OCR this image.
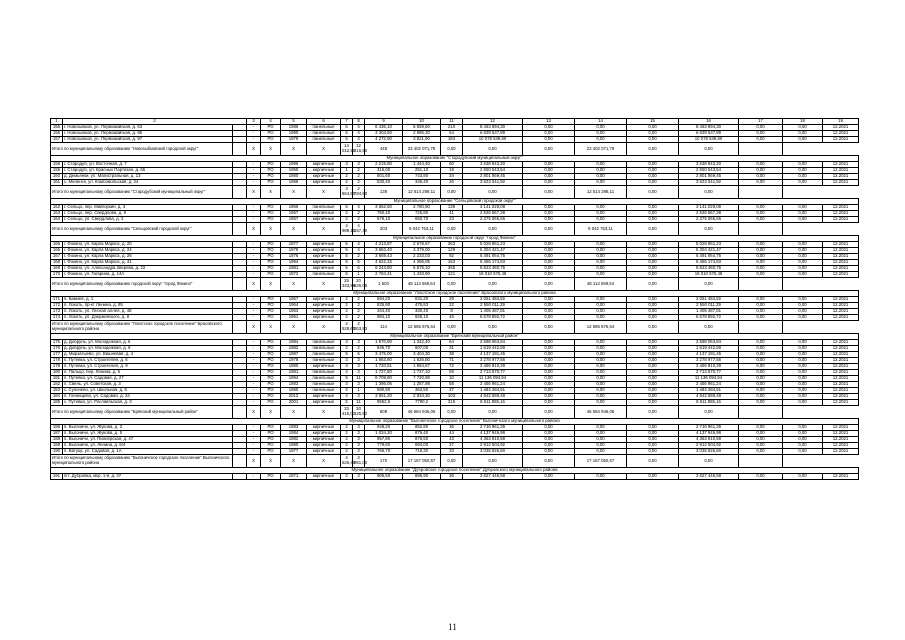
1	2		3	4	5	6	7	8	9	10	11	12	13	14	15	16	17	18	19
155	г. Новозыбков, ул. Первомайская, д. 63		-	РО	1986	панельные	5	4	6 436,10	5 659,60	210	8 463 994,30	0,00	0,00	0,00	8 463 994,30	0,00	0,00	12.2021
156	г. Новозыбков, ул. Первомайская, д. 95		-	РО	1990	панельные	5	4	3 303,50	2 986,30	54	6 839 537,89	0,00	0,00	0,00	6 839 537,89	0,00	0,00	12.2021
157	г. Новозыбков, ул. Первомайская, д. 97		-	РО	1979	панельные	5	4	4 272,90	3 821,90	184	10 078 539,60	0,00	0,00	0,00	10 078 539,60	0,00	0,00	12.2021
Итого по муниципальному образованию "Новозыбковский городской округ"			X	X	X	X	14 012,50	12 415,80	448	23 402 071,79	0,00	0,00	0,00	23 402 071,79	0,00	0,00			
Муниципальное образование "Стародубский муниципальный округ"																			
158	г. Стародуб, ул. Восточная, д. 7		-	РО	1996	кирпичные	3	3	2 215,80	1 444,40	60	3 538 843,20	0,00	0,00	0,00	3 538 843,20	0,00	0,00	12.2021
159	г. Стародуб, ул. Красных Партизан, д. 65		-	РО	1950	кирпичные	1	2	316,00	251,10	19	2 550 543,54	0,00	0,00	0,00	2 550 543,54	0,00	0,00	12.2021
160	д. Демьянки, ул. Магистральная, д. 13		-	РО	1980	кирпичные	2	2	801,60	743,80	34	2 801 869,45	0,00	0,00	0,00	2 801 869,45	0,00	0,00	12.2021
161	с. Меленск, ул. Комсомольская, д. 24		-	РО	1989	кирпичные	2	2	530,40	345,40	26	3 623 041,92	0,00	0,00	0,00	3 623 041,92	0,00	0,00	12.2021
Итого по муниципальному образованию "Стародубский муниципальный округ"			X	X	X	X	3 864,80	2 784,80	139	12 514 298,11	0,00	0,00	0,00	12 514 298,11	0,00	0,00			
Муниципальное образование "Сельцовский городской округ"																			
162	г. Сельцо, пер. Майгоркин, д. 3		-	РО	1966	панельные	5	4	3 562,60	2 780,90	139	3 141 029,08	0,00	0,00	0,00	3 141 029,08	0,00	0,00	12.2021
163	г. Сельцо, пер. Свердлова, д. 9		-	РО	1957	кирпичные	2	2	750,40	725,80	41	2 526 667,38	0,00	0,00	0,00	2 526 667,38	0,00	0,00	12.2021
164	г. Сельцо, ул. Свердлова, д. 3		-	РО	1957	кирпичные	2	2	676,10	650,70	23	2 375 066,65	0,00	0,00	0,00	2 375 066,65	0,00	0,00	12.2021
Итого по муниципальному образованию "Сельцовский городской округ"			X	X	X	X	4 989,10	4 157,40	203	8 042 763,11	0,00	0,00	0,00	8 042 763,11	0,00	0,00			
Муниципальное образование городской округ "город Фокино"																			
165	г. Фокино, ул. Карла Маркса, д. 20		-	РО	1977	кирпичные	5	4	4 213,87	2 678,67	363	5 028 861,23	0,00	0,00	0,00	5 028 861,23	0,00	0,00	12.2021
166	г. Фокино, ул. Карла Маркса, д. 24		-	РО	1979	кирпичные	5	4	3 663,40	3 379,00	129	5 304 421,47	0,00	0,00	0,00	5 304 421,47	0,00	0,00	12.2021
167	г. Фокино, ул. Карла Маркса, д. 26		-	РО	1976	кирпичные	5	2	3 669,43	2 233,03	92	5 491 064,75	0,00	0,00	0,00	5 491 064,75	0,00	0,00	12.2021
168	г. Фокино, ул. Карла Маркса, д. 31		-	РО	1994	кирпичные	5	6	4 622,15	4 396,05	163	5 455 174,83	0,00	0,00	0,00	5 455 174,83	0,00	0,00	12.2021
169	г. Фокино, ул. Александра Зверева, д. 22		-	РО	1981	кирпичные	5	6	6 243,80	5 575,10	365	6 823 460,75	0,00	0,00	0,00	6 823 460,75	0,00	0,00	12.2021
170	г. Фокино, ул. Гагарина, д. 14А		-	РО	1972	панельные	5	1	2 784,41	1 433,90	121	16 010 676,48	0,00	0,00	0,00	16 010 676,48	0,00	0,00	12.2021
Итого по муниципальному образованию городской округ "город Фокино"			X	X	X	X	25 343,86	20 826,05	1 503	48 113 659,54	0,00	0,00	0,00	48 113 659,54	0,00	0,00			
Муниципальное образование "Локотское городское поселение" Брасовского муниципального района																			
171	п. Камнев, д. 1		-	РО	1967	кирпичные	2	2	594,20	531,20	29	2 051 484,82	0,00	0,00	0,00	2 051 484,82	0,00	0,00	12.2021
172	п. Локоть, пр-кт Ленина, д. 85		-	РО	1964	кирпичные	2	2	535,90	475,83	22	2 550 011,29	0,00	0,00	0,00	2 550 011,29	0,00	0,00	12.2021
173	п. Локоть, ул. Лесная аллея, д. 48		-	РО	1953	кирпичные	2	2	344,40	330,40	8	1 405 487,81	0,00	0,00	0,00	1 405 487,81	0,00	0,00	12.2021
174	п. Локоть, ул. Дзержинского, д. 8		-	РО	1961	кирпичные	2	2	984,10	926,10	45	6 678 892,72	0,00	0,00	0,00	6 678 892,72	0,00	0,00	12.2021
Итого по муниципальному образованию "Локотское городское поселение" Брасовского муниципального района			X	X	X	X	2 528,60	2 263,53	114	12 685 876,64	0,00	0,00	0,00	12 685 876,64	0,00	0,00			
Муниципальное образование "Брянский муниципальный район"																			
175	д. Добрунь, ул. Молодежная, д. 6		-	РО	1984	панельные	3	3	1 570,90	1 342,40	64	2 598 063,84	0,00	0,00	0,00	2 598 063,84	0,00	0,00	12.2021
176	д. Добрунь, ул. Молодежная, д. 9		-	РО	1982	панельные	2	2	646,70	607,00	31	1 619 442,69	0,00	0,00	0,00	1 619 442,69	0,00	0,00	12.2021
177	д. Мирзатыево, ул. Вишневая, д. 4		-	РО	1987	панельные	5	6	3 475,00	3 404,30	38	4 137 191,45	0,00	0,00	0,00	4 137 191,45	0,00	0,00	12.2021
178	п. Путевка, ул. Строителей, д. 6		-	РО	1978	панельные	3	3	1 663,80	1 626,80	71	3 278 977,56	0,00	0,00	0,00	3 278 977,56	0,00	0,00	12.2021
179	п. Путевка, ул. Строителей, д. 9		-	РО	1980	кирпичные	3	3	1 720,51	1 564,57	72	3 456 810,28	0,00	0,00	0,00	3 456 810,28	0,00	0,00	12.2021
180	п. Пальцо, пер. Ленина, д. 5		-	РО	1981	панельные	4	3	1 727,80	1 727,10	59	2 713 570,77	0,00	0,00	0,00	2 713 570,77	0,00	0,00	12.2021
181	п. Путевка, ул. Садовая, д. 27		-	РО	1994	панельные	5	11	8 709,90	7 720,88	10	11 136 094,94	0,00	0,00	0,00	11 136 094,94	0,00	0,00	12.2021
182	п. Свень, ул. Советская, д. 3		-	РО	1982	панельные	3	3	1 396,06	1 287,98	58	2 456 961,24	0,00	0,00	0,00	2 456 961,24	0,00	0,00	12.2021
183	с. Супонево, ул. Школьная, д. 5		-	РО	1980	панельные	2	1	590,90	363,50	27	1 484 284,51	0,00	0,00	0,00	1 484 284,51	0,00	0,00	12.2021
184	п. Глинищево, ул. Садовая, д. 34		-	РО	2012	кирпичные	4	3	3 551,20	2 834,30	103	4 842 689,48	0,00	0,00	0,00	4 842 689,48	0,00	0,00	12.2021
185	с. Путевка, ул. Рославльская, д. 3		-	РО	2001	кирпичные	5	11	9552,6	7780,2	315	8 611 855,16	0,00	0,00	0,00	8 611 855,16	0,00	0,00	12.2021
Итого по муниципальному образованию "Брянский муниципальный район"			X	X	X	X	33 415,02	30 125,52	808	46 584 946,06	0,00	0,00	0,00	46 584 946,06	0,00	0,00			
Муниципальное образование "Выгоничское городское поселение" Выгоничского муниципального района																			
186	п. Выгоничи, ул. Жукова, д. 3		-	РО	1983	кирпичные	2	3	948,20	852,80	36	2 716 861,39	0,00	0,00	0,00	2 716 861,39	0,00	0,00	12.2021
187	п. Выгоничи, ул. Жукова, д. 5		-	РО	1984	кирпичные	2	3	1 034,30	876,40	44	4 137 946,98	0,00	0,00	0,00	4 137 946,98	0,00	0,00	12.2021
188	п. Выгоничи, ул. Пионерская, д. 47		-	РО	1982	кирпичные	2	3	957,80	876,50	43	4 363 910,68	0,00	0,00	0,00	4 363 910,68	0,00	0,00	12.2021
189	п. Выгоничи, ул. Ленина, д. 6/4		-	РО	1980	кирпичные	2	3	779,60	694,00	27	2 912 504,92	0,00	0,00	0,00	2 912 504,92	0,00	0,00	12.2021
190	п. Ватуцк, ул. Садовая, д. 1А		-	РО	1977	кирпичные	2	3	766,70	719,30	33	3 035 826,60	0,00	0,00	0,00	3 035 826,60	0,00	0,00	12.2021
Итого по муниципальному образованию "Выгоничское городское поселение" Выгоничского муниципального района			X	X	X	X	4 526,40	3 961,00	170	17 167 050,57	0,00	0,00	0,00	17 167 050,57	0,00	0,00			
Муниципальное образование "Дубровское городское поселение" Дубровского муниципального района																			
191	пгт. Дубровка, мкр. 1-й, д. 37		-	РО	1971	кирпичные	2	3	965,50	896,90	36	3 627 446,58	0,00	0,00	0,00	3 627 446,58	0,00	0,00	12.2021
11
